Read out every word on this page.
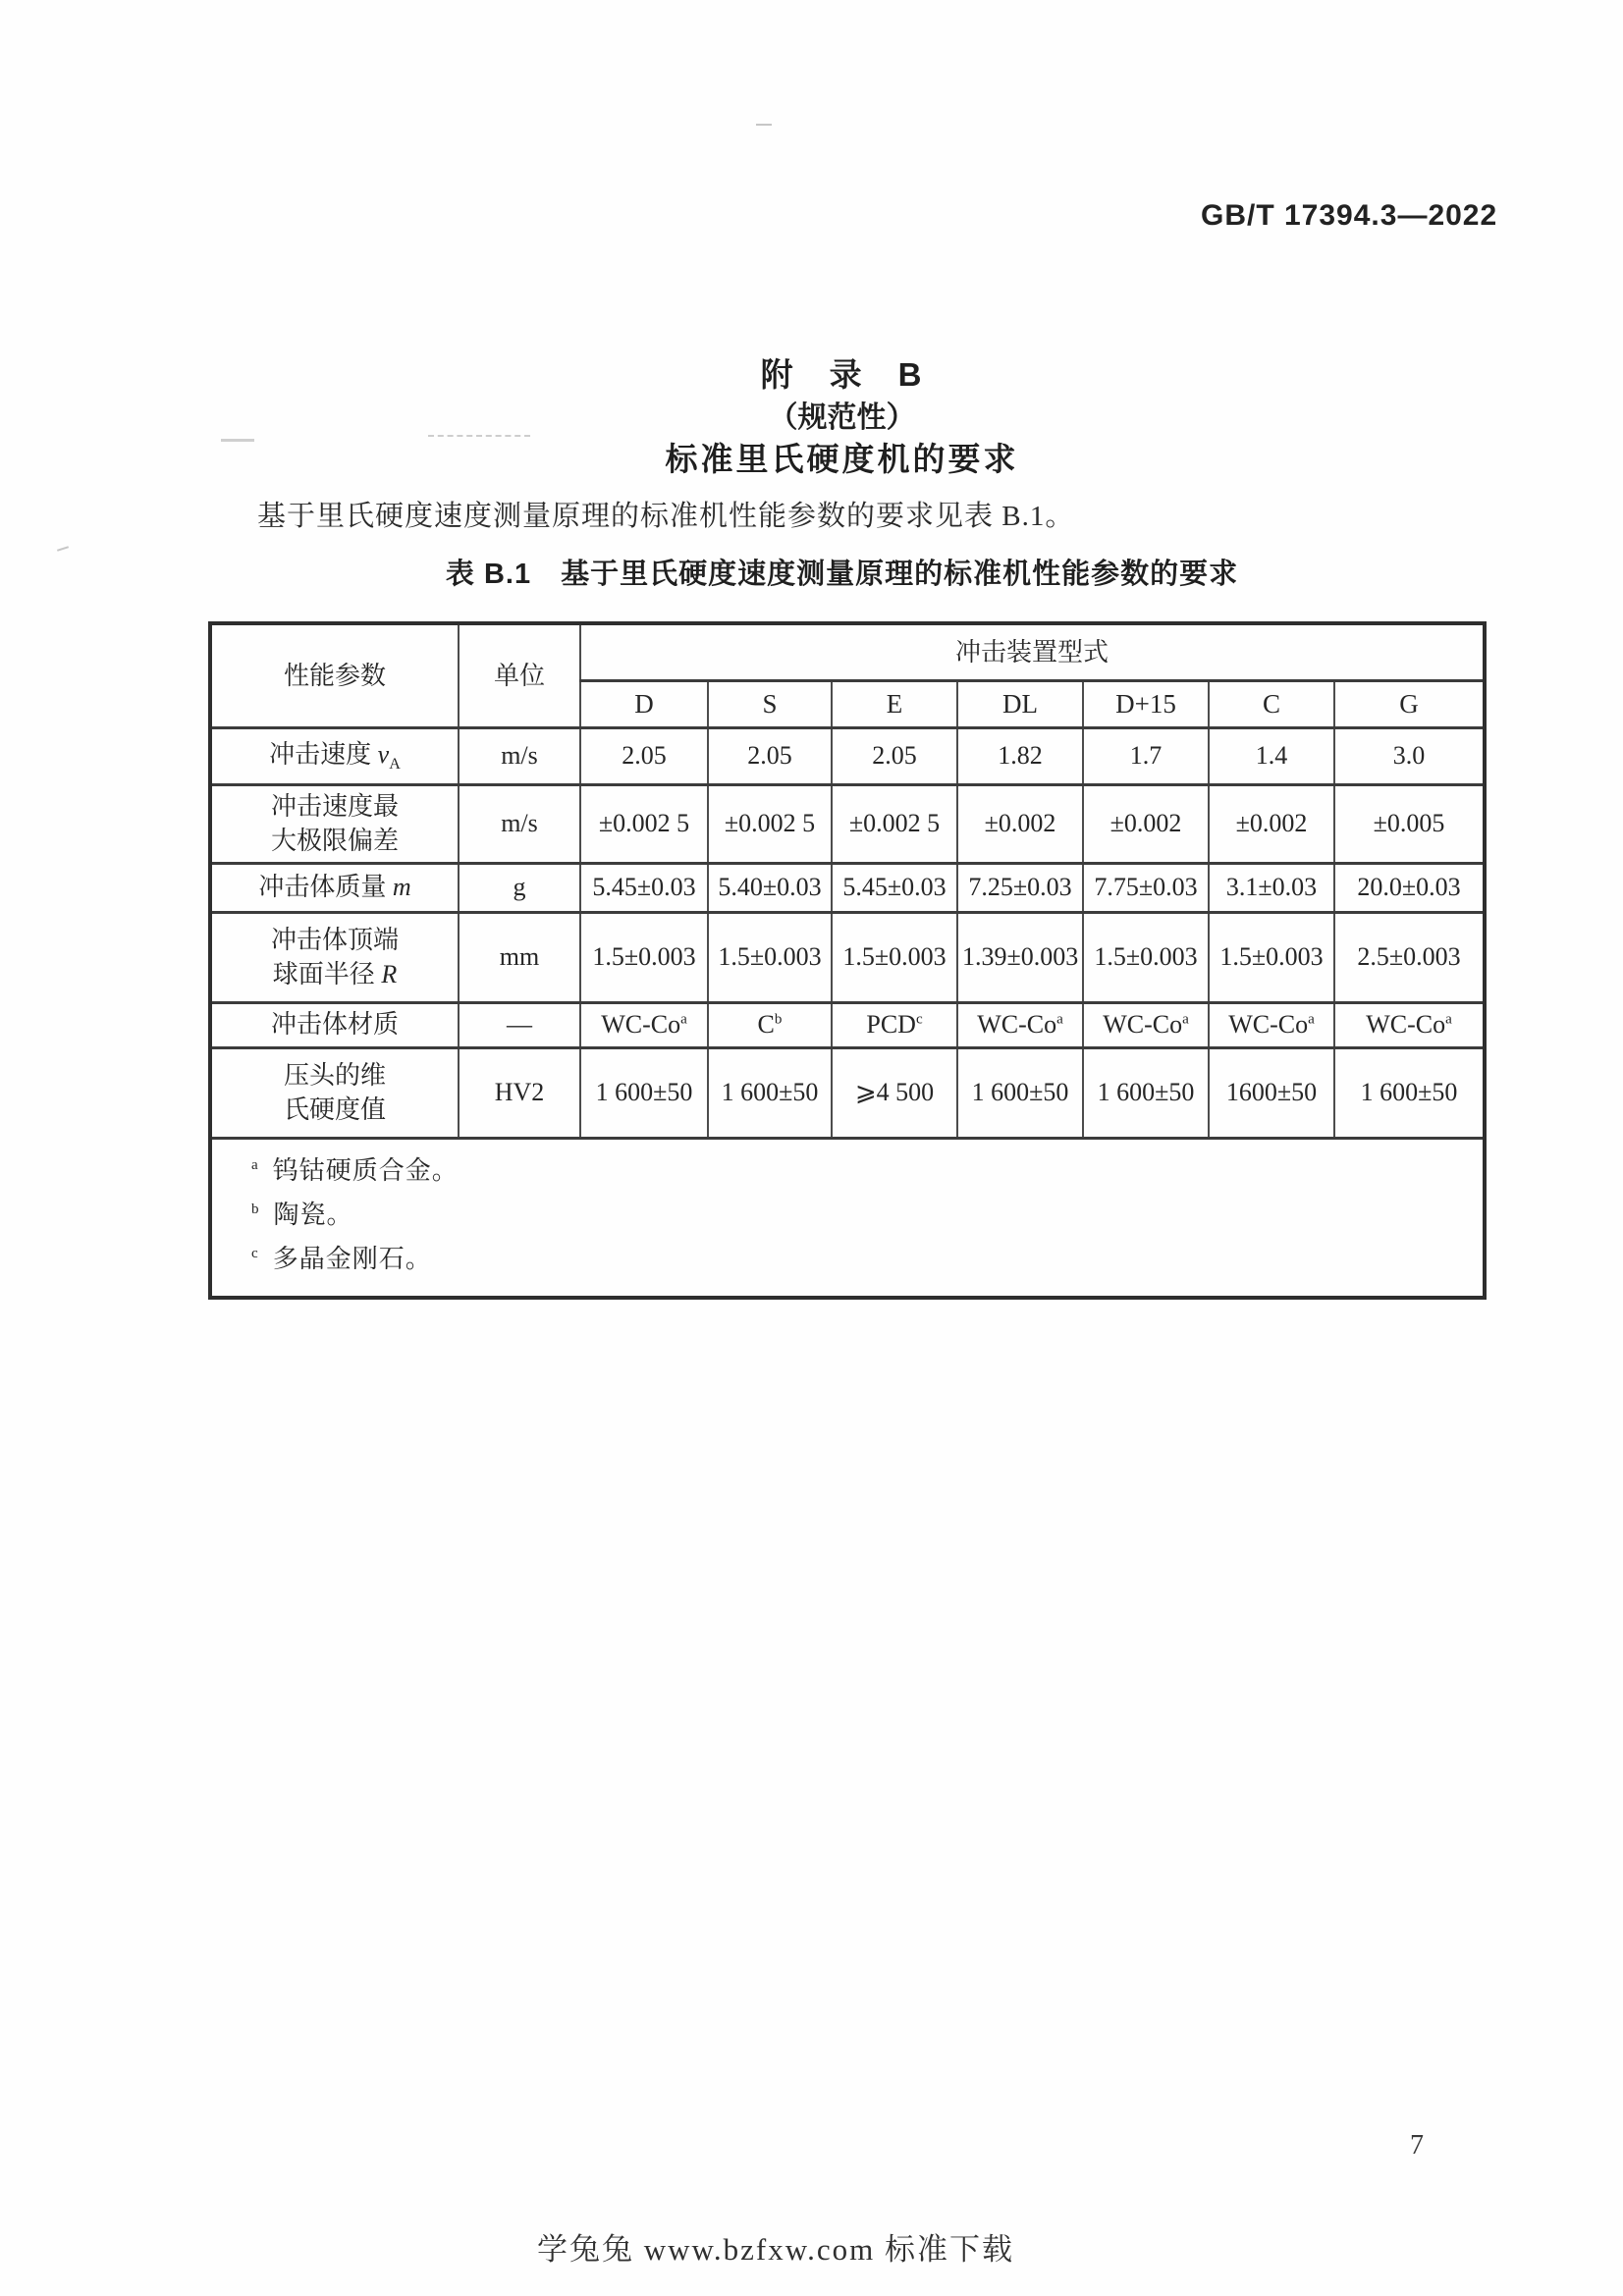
GB/T 17394.3—2022
附　录　B
（规范性）
标准里氏硬度机的要求
基于里氏硬度速度测量原理的标准机性能参数的要求见表 B.1。
表 B.1　基于里氏硬度速度测量原理的标准机性能参数的要求
性能参数	单位	冲击装置型式						
		D	S	E	DL	D+15	C	G
冲击速度 $v_A$	m/s	2.05	2.05	2.05	1.82	1.7	1.4	3.0
冲击速度最
大极限偏差	m/s	±0.002 5	±0.002 5	±0.002 5	±0.002	±0.002	±0.002	±0.005
冲击体质量 m	g	5.45±0.03	5.40±0.03	5.45±0.03	7.25±0.03	7.75±0.03	3.1±0.03	20.0±0.03
冲击体顶端
球面半径 R	mm	1.5±0.003	1.5±0.003	1.5±0.003	1.39±0.003	1.5±0.003	1.5±0.003	2.5±0.003
冲击体材质	—	WC-Co$^a$	$C^b$	PCD$^c$	WC-Co$^a$	WC-Co$^a$	WC-Co$^a$	WC-Co$^a$
压头的维
氏硬度值	HV2	1 600±50	1 600±50	⩾4 500	1 600±50	1 600±50	1600±50	1 600±50

$^a$ 钨钴硬质合金。
$^b$ 陶瓷。
$^c$ 多晶金刚石。								
7
学兔兔 www.bzfxw.com 标准下载
